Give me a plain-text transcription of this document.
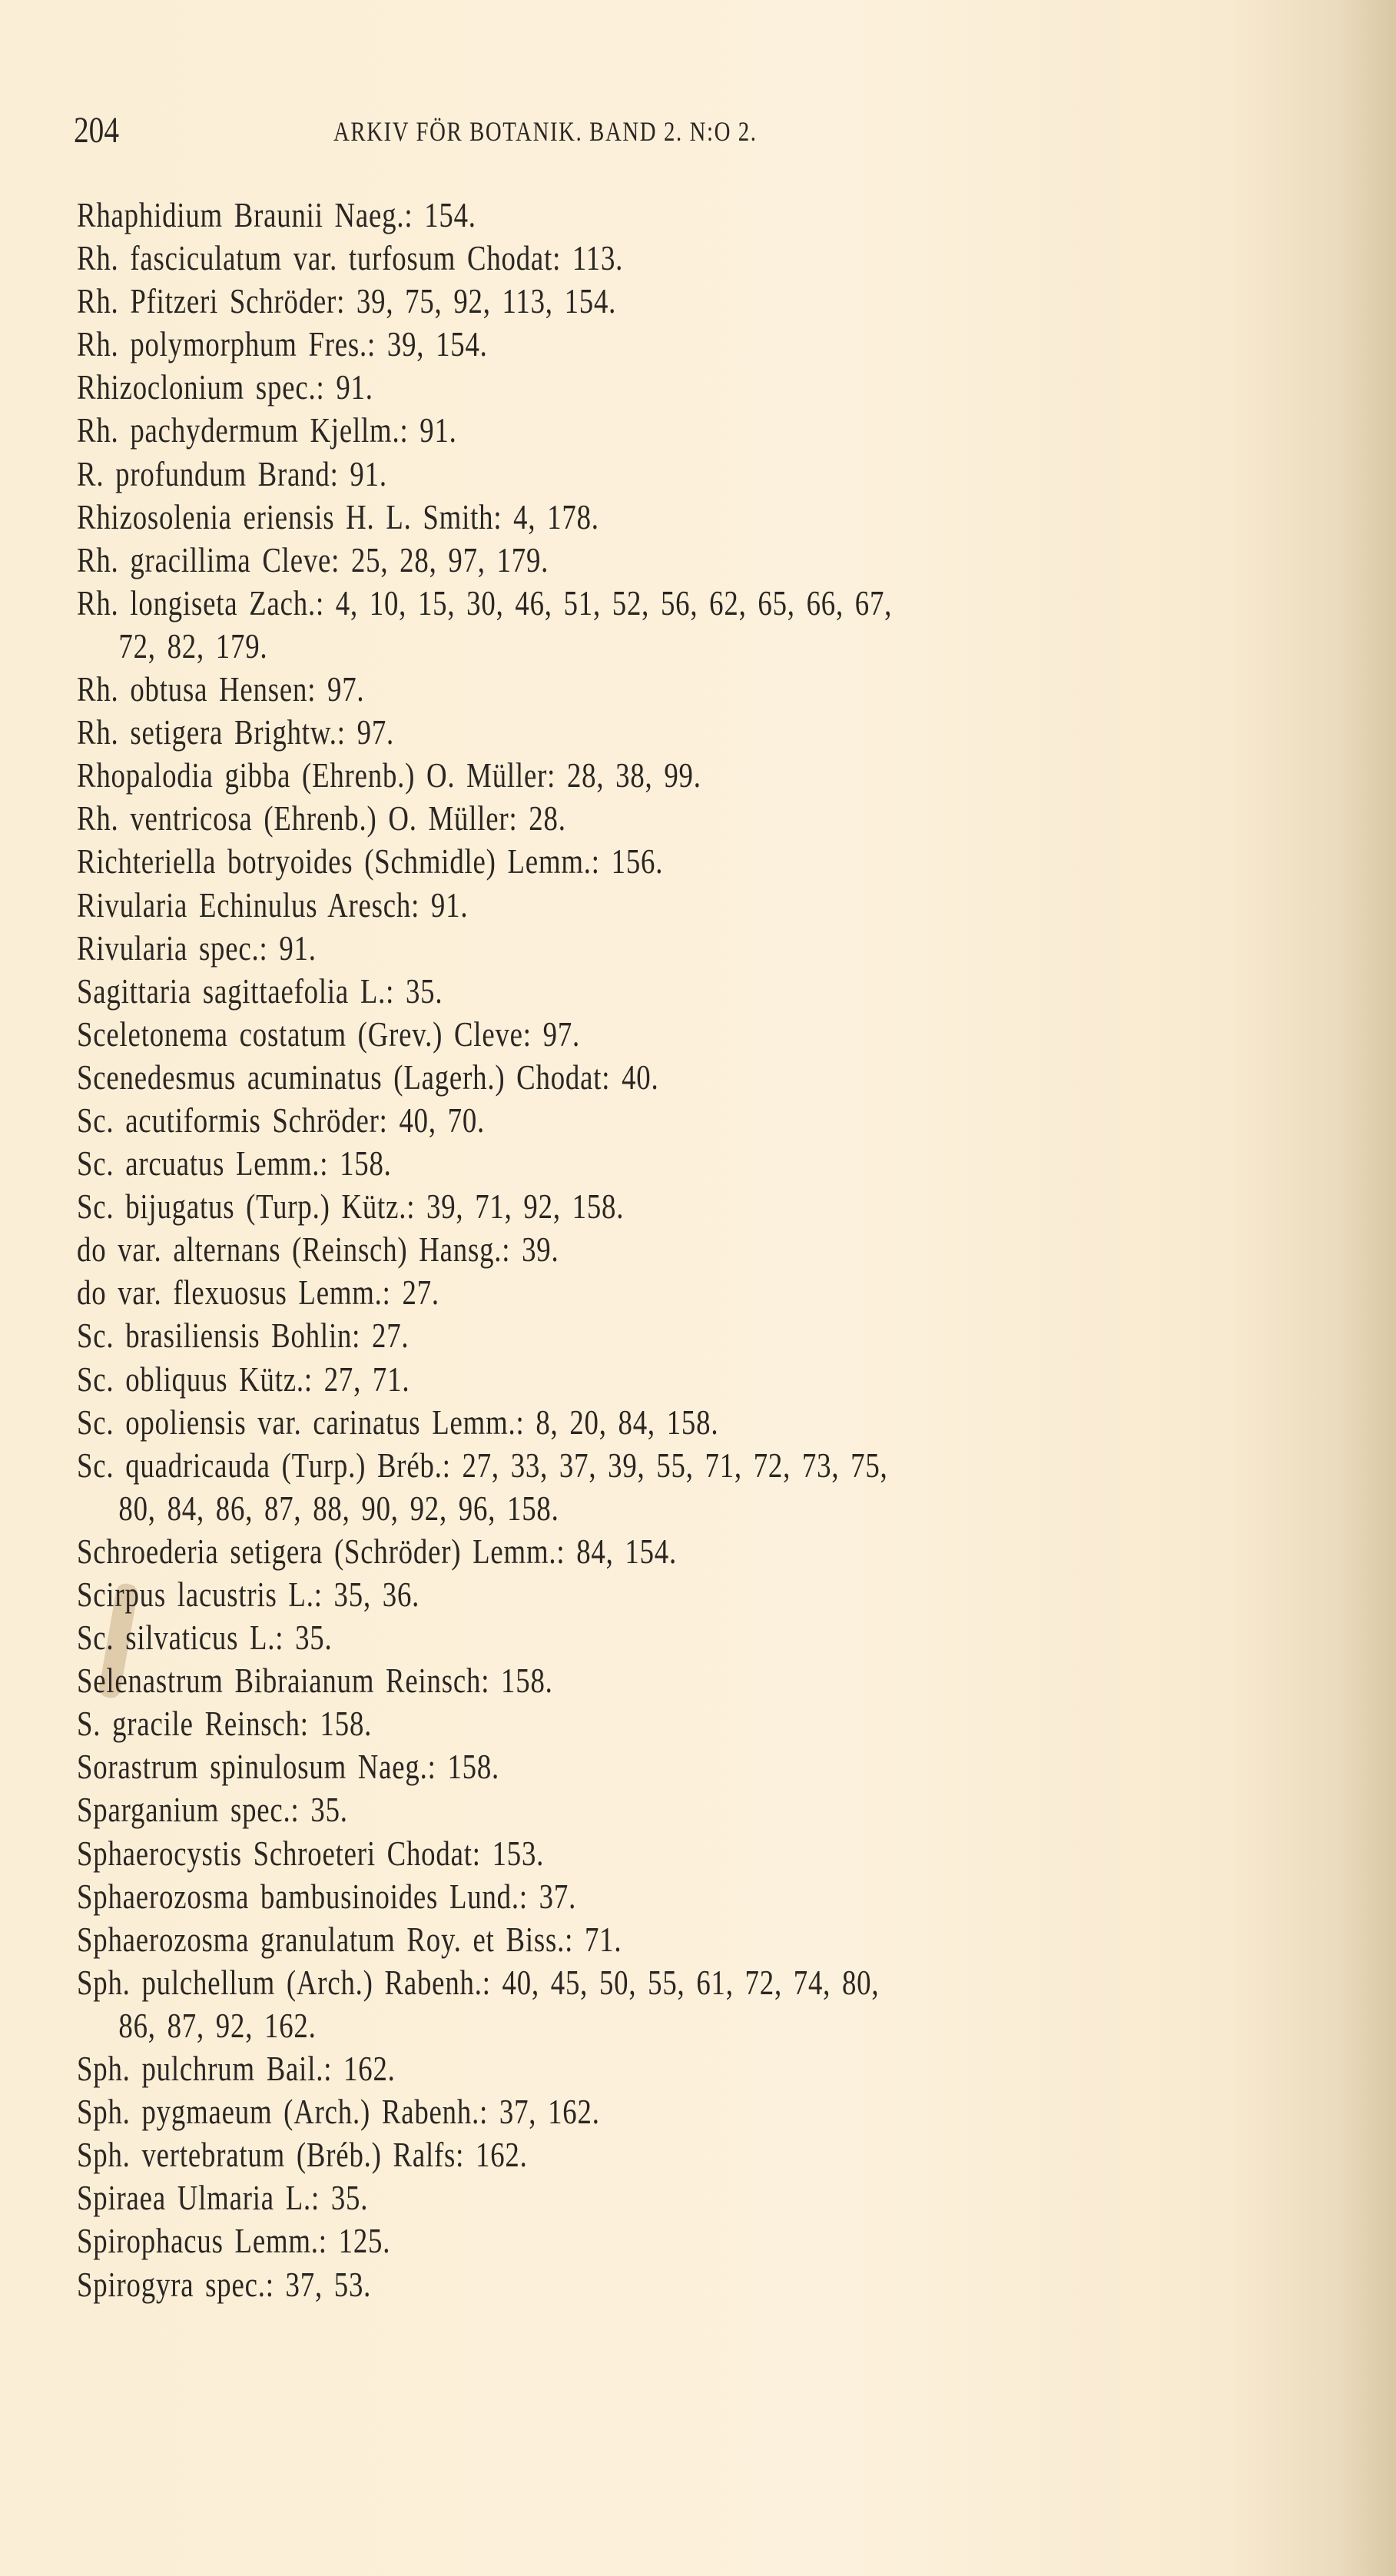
204	ARKIV FÖR BOTANIK. BAND 2. N:O 2.
Rhaphidium Braunii Naeg.: 154.
Rh. fasciculatum var. turfosum Chodat: 113.
Rh. Pfitzeri Schröder: 39, 75, 92, 113, 154.
Rh. polymorphum Fres.: 39, 154.
Rhizoclonium spec.: 91.
Rh. pachydermum Kjellm.: 91.
R. profundum Brand: 91.
Rhizosolenia eriensis H. L. Smith: 4, 178.
Rh. gracillima Cleve: 25, 28, 97, 179.
Rh. longiseta Zach.: 4, 10, 15, 30, 46, 51, 52, 56, 62, 65, 66, 67,
72, 82, 179.
Rh. obtusa Hensen: 97.
Rh. setigera Brightw.: 97.
Rhopalodia gibba (Ehrenb.) O. Müller: 28, 38, 99.
Rh. ventricosa (Ehrenb.) O. Müller: 28.
Richteriella botryoides (Schmidle) Lemm.: 156.
Rivularia Echinulus Aresch: 91.
Rivularia spec.: 91.
Sagittaria sagittaefolia L.: 35.
Sceletonema costatum (Grev.) Cleve: 97.
Scenedesmus acuminatus (Lagerh.) Chodat: 40.
Sc. acutiformis Schröder: 40, 70.
Sc. arcuatus Lemm.: 158.
Sc. bijugatus (Turp.) Kütz.: 39, 71, 92, 158.
do var. alternans (Reinsch) Hansg.: 39.
do var. flexuosus Lemm.: 27.
Sc. brasiliensis Bohlin: 27.
Sc. obliquus Kütz.: 27, 71.
Sc. opoliensis var. carinatus Lemm.: 8, 20, 84, 158.
Sc. quadricauda (Turp.) Bréb.: 27, 33, 37, 39, 55, 71, 72, 73, 75,
80, 84, 86, 87, 88, 90, 92, 96, 158.
Schroederia setigera (Schröder) Lemm.: 84, 154.
Scirpus lacustris L.: 35, 36.
Sc. silvaticus L.: 35.
Selenastrum Bibraianum Reinsch: 158.
S. gracile Reinsch: 158.
Sorastrum spinulosum Naeg.: 158.
Sparganium spec.: 35.
Sphaerocystis Schroeteri Chodat: 153.
Sphaerozosma bambusinoides Lund.: 37.
Sphaerozosma granulatum Roy. et Biss.: 71.
Sph. pulchellum (Arch.) Rabenh.: 40, 45, 50, 55, 61, 72, 74, 80,
86, 87, 92, 162.
Sph. pulchrum Bail.: 162.
Sph. pygmaeum (Arch.) Rabenh.: 37, 162.
Sph. vertebratum (Bréb.) Ralfs: 162.
Spiraea Ulmaria L.: 35.
Spirophacus Lemm.: 125.
Spirogyra spec.: 37, 53.
